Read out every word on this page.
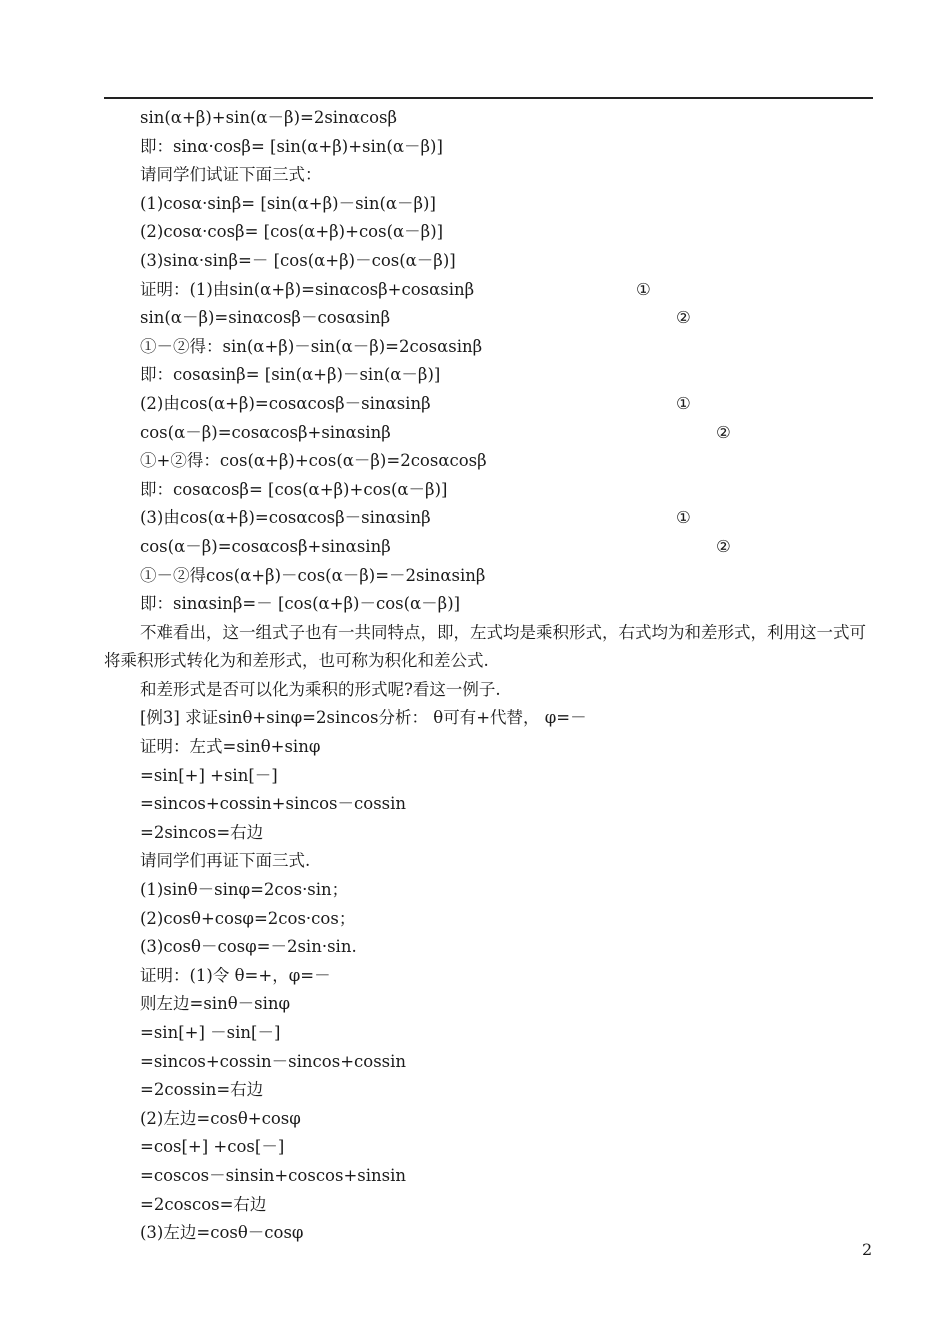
sin(α+β)+sin(α－β)=2sinαcosβ
即：sinα·cosβ= [sin(α+β)+sin(α－β)]
请同学们试证下面三式：
(1)cosα·sinβ= [sin(α+β)－sin(α－β)]
(2)cosα·cosβ= [cos(α+β)+cos(α－β)]
(3)sinα·sinβ=－ [cos(α+β)－cos(α－β)]
证明：(1)由sin(α+β)=sinαcosβ+cosαsinβ	①
sin(α－β)=sinαcosβ－cosαsinβ	②
①－②得：sin(α+β)－sin(α－β)=2cosαsinβ
即：cosαsinβ= [sin(α+β)－sin(α－β)]
(2)由cos(α+β)=cosαcosβ－sinαsinβ	①
cos(α－β)=cosαcosβ+sinαsinβ	②
①+②得：cos(α+β)+cos(α－β)=2cosαcosβ
即：cosαcosβ= [cos(α+β)+cos(α－β)]
(3)由cos(α+β)=cosαcosβ－sinαsinβ	①
cos(α－β)=cosαcosβ+sinαsinβ	②
①－②得cos(α+β)－cos(α－β)=－2sinαsinβ
即：sinαsinβ=－ [cos(α+β)－cos(α－β)]
不难看出，这一组式子也有一共同特点，即，左式均是乘积形式，右式均为和差形式，利用这一式可将乘积形式转化为和差形式，也可称为积化和差公式.
和差形式是否可以化为乘积的形式呢?看这一例子.
[例3] 求证sinθ+sinφ=2sincos分析： θ可有+代替， φ=－
证明：左式=sinθ+sinφ
=sin[+] +sin[－]
=sincos+cossin+sincos－cossin
=2sincos=右边
请同学们再证下面三式.
(1)sinθ－sinφ=2cos·sin；
(2)cosθ+cosφ=2cos·cos；
(3)cosθ－cosφ=－2sin·sin.
证明：(1)令 θ=+，φ=－
则左边=sinθ－sinφ
=sin[+] －sin[－]
=sincos+cossin－sincos+cossin
=2cossin=右边
(2)左边=cosθ+cosφ
=cos[+] +cos[－]
=coscos－sinsin+coscos+sinsin
=2coscos=右边
(3)左边=cosθ－cosφ
2
